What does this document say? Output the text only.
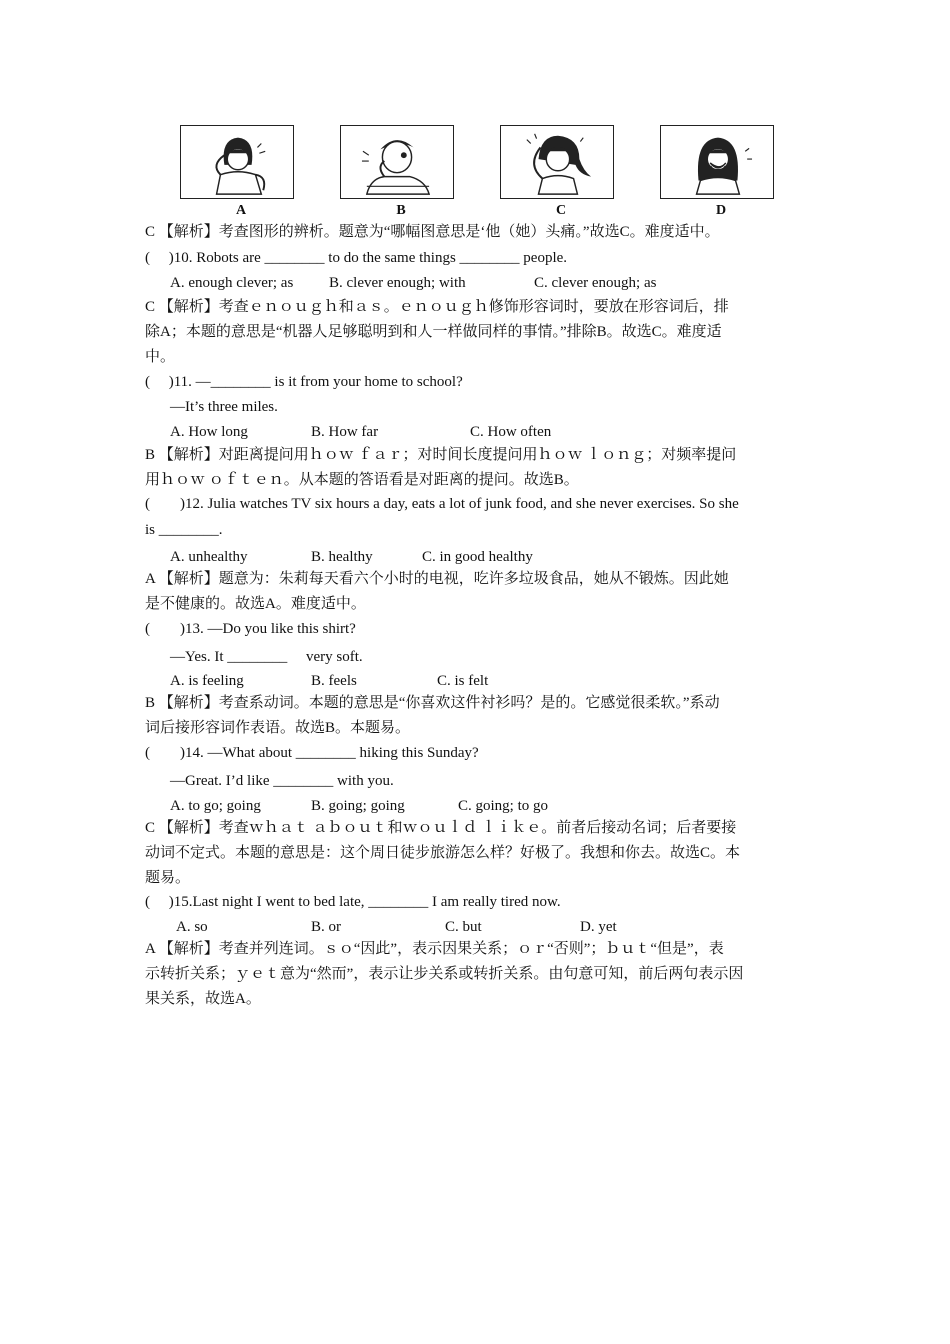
A	B	C	D
C 【解析】考查图形的辨析。题意为“哪幅图意思是‘他（她）头痛。”故选C。难度适中。
(　 )10. Robots are ________ to do the same things ________ people.
A. enough clever; as B. clever enough; with	C. clever enough; as
C 【解析】考查ｅｎｏｕｇｈ和ａｓ。ｅｎｏｕｇｈ修饰形容词时，要放在形容词后，排
除A；本题的意思是“机器人足够聪明到和人一样做同样的事情。”排除B。故选C。难度适
中。
(　 )11. —________ is it from your home to school?
—It’s three miles.
A. How long	B. How far	C. How often
B 【解析】对距离提问用ｈｏｗ ｆａｒ；对时间长度提问用ｈｏｗ ｌｏｎｇ；对频率提问
用ｈｏｗ ｏｆｔｅｎ。从本题的答语看是对距离的提问。故选B。
(　　)12. Julia watches TV six hours a day, eats a lot of junk food, and she never exercises. So she
is ________.
A. unhealthy	B. healthy	C. in good healthy
A 【解析】题意为：朱莉每天看六个小时的电视，吃许多垃圾食品，她从不锻炼。因此她
是不健康的。故选A。难度适中。
(　　)13. —Do you like this shirt?
—Yes. It ________ 　very soft.
A. is feeling	B. feels	C. is felt
B 【解析】考查系动词。本题的意思是“你喜欢这件衬衫吗？是的。它感觉很柔软。”系动
词后接形容词作表语。故选B。本题易。
(　　)14. —What about ________ hiking this Sunday?
—Great. I’d like ________ with you.
A. to go; going	B. going; going	C. going; to go
C 【解析】考查ｗｈａｔ ａｂｏｕｔ和ｗｏｕｌｄ ｌｉｋｅ。前者后接动名词；后者要接
动词不定式。本题的意思是：这个周日徒步旅游怎么样？好极了。我想和你去。故选C。本
题易。
(　 )15.Last night I went to bed late, ________ I am really tired now.
A. so	B. or	C. but	D. yet
A 【解析】考查并列连词。ｓｏ“因此”，表示因果关系；ｏｒ“否则”；ｂｕｔ“但是”，表
示转折关系；ｙｅｔ意为“然而”，表示让步关系或转折关系。由句意可知，前后两句表示因
果关系，故选A。
